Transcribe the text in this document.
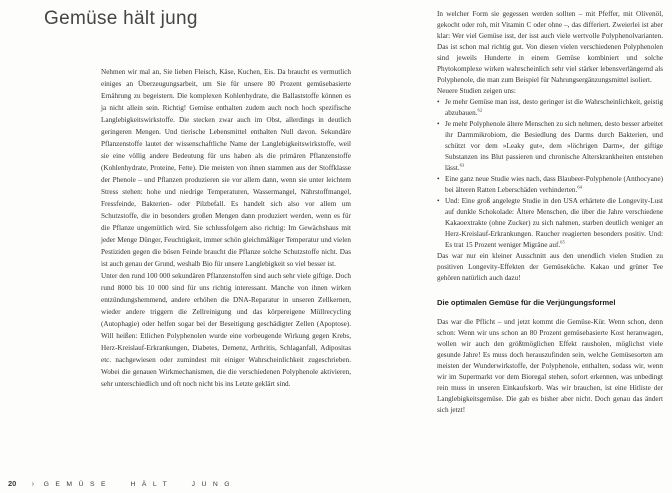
Gemüse hält jung

Nehmen wir mal an, Sie lieben Fleisch, Käse, Kuchen, Eis. Da braucht es vermutlich einiges an Überzeugungsarbeit, um Sie für unsere 80 Prozent gemüsebasierte Ernährung zu begeistern. Die komplexen Kohlenhydrate, die Ballaststoffe können es ja nicht allein sein. Richtig! Gemüse enthalten zudem auch noch hoch spezifische Langlebigkeitswirkstoffe. Die stecken zwar auch im Obst, allerdings in deutlich geringeren Mengen. Und tierische Lebensmittel enthalten Null davon. Sekundäre Pflanzenstoffe lautet der wissenschaftliche Name der Langlebigkeitswirkstoffe, weil sie eine völlig andere Bedeutung für uns haben als die primären Pflanzenstoffe (Kohlenhydrate, Proteine, Fette). Die meisten von ihnen stammen aus der Stoffklasse der Phenole – und Pflanzen produzieren sie vor allem dann, wenn sie unter leichtem Stress stehen: hohe und niedrige Temperaturen, Wassermangel, Nährstoffmangel, Fressfeinde, Bakterien- oder Pilzbefall. Es handelt sich also vor allem um Schutzstoffe, die in besonders großen Mengen dann produziert werden, wenn es für die Pflanze ungemütlich wird. Sie schlussfolgern also richtig: Im Gewächshaus mit jeder Menge Dünger, Feuchtigkeit, immer schön gleichmäßiger Temperatur und vielen Pestiziden gegen die bösen Feinde braucht die Pflanze solche Schutzstoffe nicht. Das ist auch genau der Grund, weshalb Bio für unsere Langlebigkeit so viel besser ist.

Unter den rund 100 000 sekundären Pflanzenstoffen sind auch sehr viele giftige. Doch rund 8000 bis 10 000 sind für uns richtig interessant. Manche von ihnen wirken entzündungshemmend, andere erhöhen die DNA-Reparatur in unseren Zellkernen, wieder andere triggern die Zellreinigung und das körpereigene Müllrecycling (Autophagie) oder helfen sogar bei der Beseitigung geschädigter Zellen (Apoptose). Will heißen: Etlichen Polyphenolen wurde eine vorbeugende Wirkung gegen Krebs, Herz-Kreislauf-Erkrankungen, Diabetes, Demenz, Arthritis, Schlaganfall, Adipositas etc. nachgewiesen oder zumindest mit einiger Wahrscheinlichkeit zugeschrieben. Wobei die genauen Wirkmechanismen, die die verschiedenen Polyphenole aktivieren, sehr unterschiedlich und oft noch nicht bis ins Letzte geklärt sind.

20 › GEMÜSE HÄLT JUNG

In welcher Form sie gegessen werden sollten – mit Pfeffer, mit Olivenöl, gekocht oder roh, mit Vitamin C oder ohne –, das differiert. Zweierlei ist aber klar: Wer viel Gemüse isst, der isst auch viele wertvolle Polyphenolvarianten. Das ist schon mal richtig gut. Von diesen vielen verschiedenen Polyphenolen sind jeweils Hunderte in einem Gemüse kombiniert und solche Phytokomplexe wirken wahrscheinlich sehr viel stärker lebensverlängernd als Polyphenole, die man zum Beispiel für Nahrungsergänzungsmittel isoliert.

Neuere Studien zeigen uns:

• Je mehr Gemüse man isst, desto geringer ist die Wahrscheinlichkeit, geistig abzubauen.$^{62}$
• Je mehr Polyphenole ältere Menschen zu sich nehmen, desto besser arbeitet ihr Darmmikrobiom, die Besiedlung des Darms durch Bakterien, und schützt vor dem »Leaky gut«, dem »löchrigen Darm«, der giftige Substanzen ins Blut passieren und chronische Alterskrankheiten entstehen lässt.$^{63}$
• Eine ganz neue Studie wies nach, dass Blaubeer-Polyphenole (Anthocyane) bei älteren Ratten Leberschäden verhinderten.$^{64}$
• Und: Eine groß angelegte Studie in den USA erhärtete die Longevity-Lust auf dunkle Schokolade: Ältere Menschen, die über die Jahre verschiedene Kakaoextrakte (ohne Zucker) zu sich nahmen, starben deutlich weniger an Herz-Kreislauf-Erkrankungen. Raucher reagierten besonders positiv. Und: Es trat 15 Prozent weniger Migräne auf.$^{65}$

Das war nur ein kleiner Ausschnitt aus den unendlich vielen Studien zu positiven Longevity-Effekten der Gemüseküche. Kakao und grüner Tee gehören natürlich auch dazu!

Die optimalen Gemüse für die Verjüngungsformel

Das war die Pflicht – und jetzt kommt die Gemüse-Kür. Wenn schon, denn schon: Wenn wir uns schon an 80 Prozent gemüsebasierte Kost heranwagen, wollen wir auch den größtmöglichen Effekt rausholen, möglichst viele gesunde Jahre! Es muss doch herauszufinden sein, welche Gemüsesorten am meisten der Wunderwirkstoffe, der Polyphenole, enthalten, sodass wir, wenn wir im Supermarkt vor dem Bioregal stehen, sofort erkennen, was unbedingt rein muss in unseren Einkaufskorb. Was wir brauchen, ist eine Hitliste der Langlebigkeitsgemüse. Die gab es bisher aber nicht. Doch genau das ändert sich jetzt!
